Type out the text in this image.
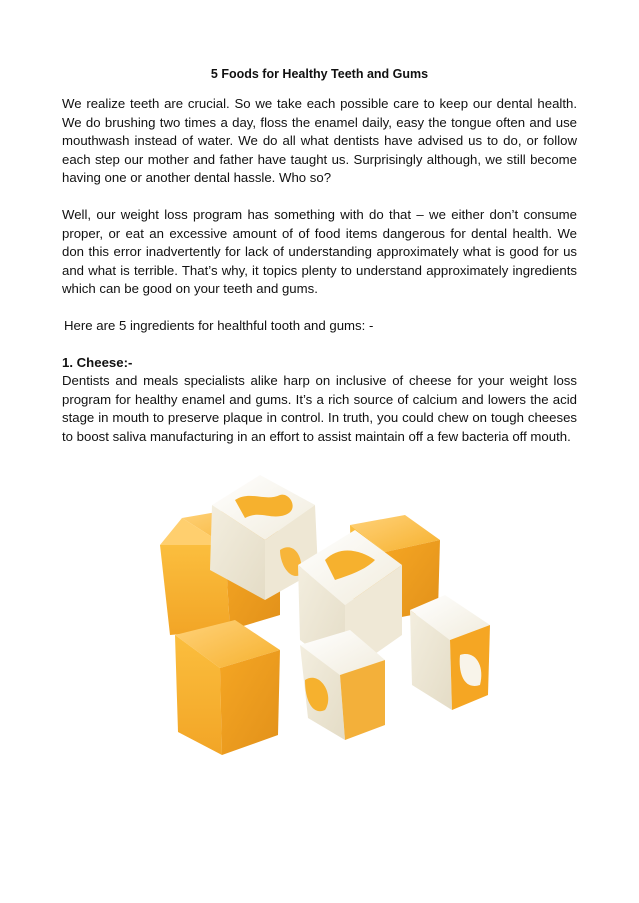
5 Foods for Healthy Teeth and Gums

We realize teeth are crucial. So we take each possible care to keep our dental health. We do brushing two times a day, floss the enamel daily, easy the tongue often and use mouthwash instead of water. We do all what dentists have advised us to do, or follow each step our mother and father have taught us. Surprisingly although, we still become having one or another dental hassle. Who so?

Well, our weight loss program has something with do that – we either don’t consume proper, or eat an excessive amount of of food items dangerous for dental health. We don this error inadvertently for lack of understanding approximately what is good for us and what is terrible. That’s why, it topics plenty to understand approximately ingredients which can be good on your teeth and gums.

Here are 5 ingredients for healthful tooth and gums: -

1. Cheese:-

Dentists and meals specialists alike harp on inclusive of cheese for your weight loss program for healthy enamel and gums. It’s a rich source of calcium and lowers the acid stage in mouth to preserve plaque in control. In truth, you could chew on tough cheeses to boost saliva manufacturing in an effort to assist maintain off a few bacteria off mouth.
